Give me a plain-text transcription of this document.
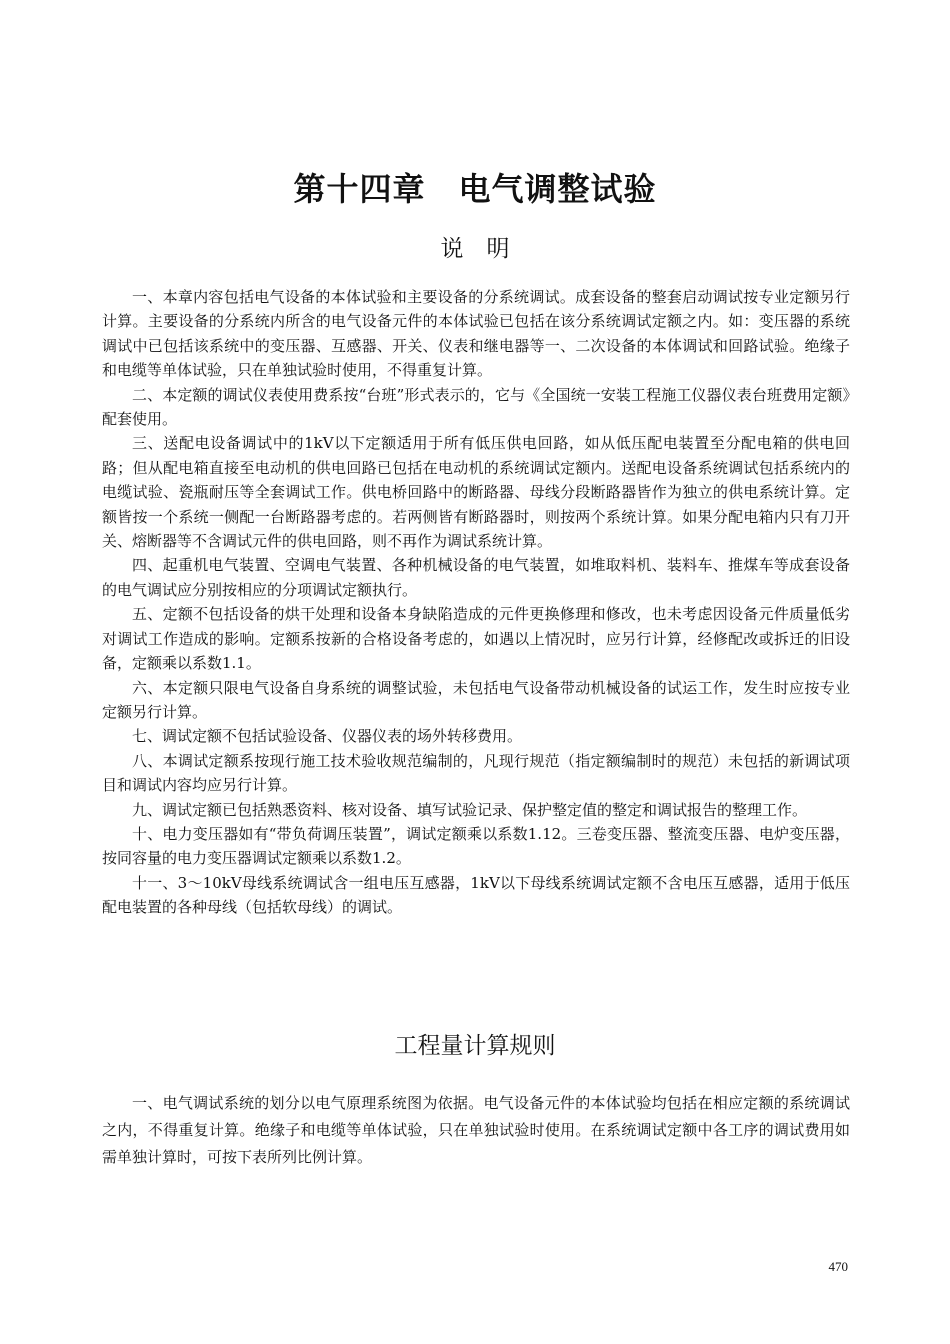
第十四章　电气调整试验
说　明

一、本章内容包括电气设备的本体试验和主要设备的分系统调试。成套设备的整套启动调试按专业定额另行计算。主要设备的分系统内所含的电气设备元件的本体试验已包括在该分系统调试定额之内。如：变压器的系统调试中已包括该系统中的变压器、互感器、开关、仪表和继电器等一、二次设备的本体调试和回路试验。绝缘子和电缆等单体试验，只在单独试验时使用，不得重复计算。

二、本定额的调试仪表使用费系按“台班”形式表示的，它与《全国统一安装工程施工仪器仪表台班费用定额》配套使用。

三、送配电设备调试中的1kV以下定额适用于所有低压供电回路，如从低压配电装置至分配电箱的供电回路；但从配电箱直接至电动机的供电回路已包括在电动机的系统调试定额内。送配电设备系统调试包括系统内的电缆试验、瓷瓶耐压等全套调试工作。供电桥回路中的断路器、母线分段断路器皆作为独立的供电系统计算。定额皆按一个系统一侧配一台断路器考虑的。若两侧皆有断路器时，则按两个系统计算。如果分配电箱内只有刀开关、熔断器等不含调试元件的供电回路，则不再作为调试系统计算。

四、起重机电气装置、空调电气装置、各种机械设备的电气装置，如堆取料机、装料车、推煤车等成套设备的电气调试应分别按相应的分项调试定额执行。

五、定额不包括设备的烘干处理和设备本身缺陷造成的元件更换修理和修改，也未考虑因设备元件质量低劣对调试工作造成的影响。定额系按新的合格设备考虑的，如遇以上情况时，应另行计算，经修配改或拆迁的旧设备，定额乘以系数1.1。

六、本定额只限电气设备自身系统的调整试验，未包括电气设备带动机械设备的试运工作，发生时应按专业定额另行计算。

七、调试定额不包括试验设备、仪器仪表的场外转移费用。

八、本调试定额系按现行施工技术验收规范编制的，凡现行规范（指定额编制时的规范）未包括的新调试项目和调试内容均应另行计算。

九、调试定额已包括熟悉资料、核对设备、填写试验记录、保护整定值的整定和调试报告的整理工作。

十、电力变压器如有“带负荷调压装置”，调试定额乘以系数1.12。三卷变压器、整流变压器、电炉变压器，按同容量的电力变压器调试定额乘以系数1.2。

十一、3～10kV母线系统调试含一组电压互感器，1kV以下母线系统调试定额不含电压互感器，适用于低压配电装置的各种母线（包括软母线）的调试。

工程量计算规则

一、电气调试系统的划分以电气原理系统图为依据。电气设备元件的本体试验均包括在相应定额的系统调试之内，不得重复计算。绝缘子和电缆等单体试验，只在单独试验时使用。在系统调试定额中各工序的调试费用如需单独计算时，可按下表所列比例计算。

470
